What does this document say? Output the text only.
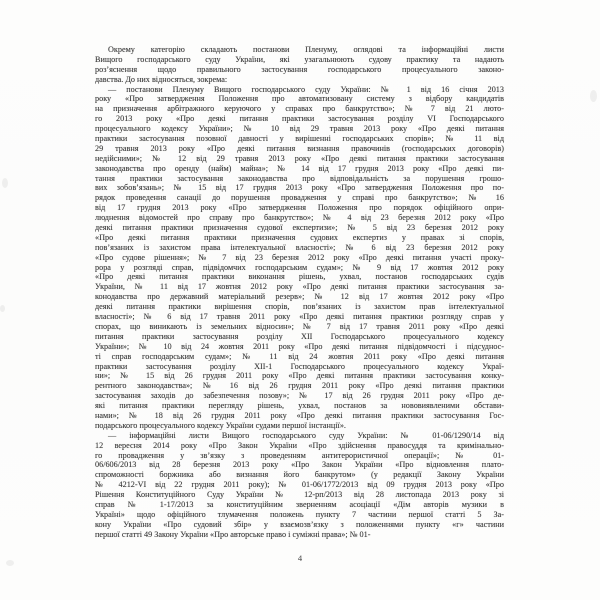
Окрему категорію складають постанови Пленуму, оглядові та інформаційні листи
Вищого господарського суду України, які узагальнюють судову практику та надають
роз’яснення щодо правильного застосування господарського процесуального законо-
давства. До них відносяться, зокрема:
— постанови Пленуму Вищого господарського суду України: № 1 від 16 січня 2013
року «Про затвердження Положення про автоматизовану систему з відбору кандидатів
на призначення арбітражного керуючого у справах про банкрутство»; № 7 від 21 люто-
го 2013 року «Про деякі питання практики застосування розділу VI Господарського
процесуального кодексу України»; № 10 від 29 травня 2013 року «Про деякі питання
практики застосування позовної давності у вирішенні господарських спорів»; № 11 від
29 травня 2013 року «Про деякі питання визнання правочинів (господарських договорів)
недійсними»; № 12 від 29 травня 2013 року «Про деякі питання практики застосування
законодавства про оренду (найм) майна»; № 14 від 17 грудня 2013 року «Про деякі пи-
тання практики застосування законодавства про відповідальність за порушення грошо-
вих зобов’язань»; № 15 від 17 грудня 2013 року «Про затвердження Положення про по-
рядок проведення санації до порушення провадження у справі про банкрутство»; № 16
від 17 грудня 2013 року «Про затвердження Положення про порядок офіційного опри-
люднення відомостей про справу про банкрутство»; № 4 від 23 березня 2012 року «Про
деякі питання практики призначення судової експертизи»; № 5 від 23 березня 2012 року
«Про деякі питання практики призначення судових експертиз у правах зі спорів,
пов’язаних із захистом права інтелектуальної власності»; № 6 від 23 березня 2012 року
«Про судове рішення»; № 7 від 23 березня 2012 року «Про деякі питання участі проку-
рора у розгляді справ, підвідомчих господарським судам»; № 9 від 17 жовтня 2012 року
«Про деякі питання практики виконання рішень, ухвал, постанов господарських судів
України, № 11 від 17 жовтня 2012 року «Про деякі питання практики застосування за-
конодавства про державний матеріальний резерв»; № 12 від 17 жовтня 2012 року «Про
деякі питання практики вирішення спорів, пов’язаних із захистом прав інтелектуальної
власності»; № 6 від 17 травня 2011 року «Про деякі питання практики розгляду справ у
спорах, що виникають із земельних відносин»; № 7 від 17 травня 2011 року «Про деякі
питання практики застосування розділу XII Господарського процесуального кодексу
України»; № 10 від 24 жовтня 2011 року «Про деякі питання підвідомчості і підсуднос-
ті справ господарським судам»; № 11 від 24 жовтня 2011 року «Про деякі питання
практики застосування розділу XII-1 Господарського процесуального кодексу Украї-
ни»; № 15 від 26 грудня 2011 року «Про деякі питання практики застосування конку-
рентного законодавства»; № 16 від 26 грудня 2011 року «Про деякі питання практики
застосування заходів до забезпечення позову»; № 17 від 26 грудня 2011 року «Про де-
які питання практики перегляду рішень, ухвал, постанов за нововиявленими обстави-
нами»; № 18 від 26 грудня 2011 року «Про деякі питання практики застосування Гос-
подарського процесуального кодексу України судами першої інстанції».
— інформаційні листи Вищого господарського суду України: № 01-06/1290/14 від
12 вересня 2014 року «Про Закон України «Про здійснення правосуддя та кримінально-
го провадження у зв’язку з проведенням антитерористичної операції»; № 01-
06/606/2013 від 28 березня 2013 року «Про Закон України «Про відновлення плато-
спроможності боржника або визнання його банкрутом» (у редакції Закону України
№ 4212-VI від 22 грудня 2011 року); № 01-06/1772/2013 від 09 грудня 2013 року «Про
Рішення Конституційного Суду України № 12-рп/2013 від 28 листопада 2013 року зі
справ № 1-17/2013 за конституційним зверненням асоціації «Дім авторів музики в
Україні» щодо офіційного тлумачення положень пункту 7 частини першої статті 5 За-
кону України «Про судовий збір» у взаємозв’язку з положеннями пункту «г» частини
першої статті 49 Закону України «Про авторське право і суміжні права»; № 01-
4
